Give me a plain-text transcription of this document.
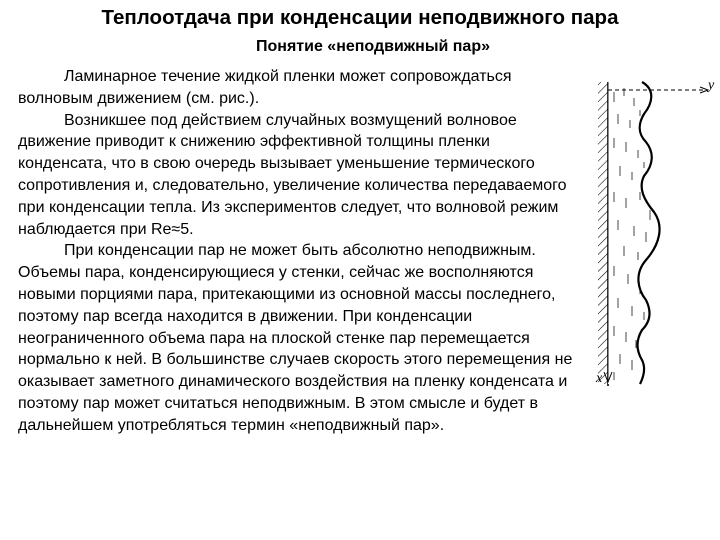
Теплоотдача при конденсации неподвижного пара
Понятие «неподвижный пар»

Ламинарное течение жидкой пленки может сопровождаться волновым движением (см. рис.).

Возникшее под действием случайных возмущений волновое движение приводит к снижению эффективной толщины пленки конденсата, что в свою очередь вызывает уменьшение термического сопротивления и, следовательно, увеличение количества передаваемого при конденсации тепла. Из экспериментов следует, что волновой режим наблюдается при Re≈5.

При конденсации пар не может быть абсолютно неподвижным. Объемы пара, конденсирующиеся у стенки, сейчас же восполняются новыми порциями пара, притекающими из основной массы последнего, поэтому пар всегда находится в движении. При конденсации неограниченного объема пара на плоской стенке пар перемещается нормально к ней. В большинстве случаев скорость этого перемещения не оказывает заметного динамического воздействия на пленку конденсата и поэтому пар может считаться неподвижным. В этом смысле и будет в дальнейшем употребляться термин «неподвижный пар».

y
x
